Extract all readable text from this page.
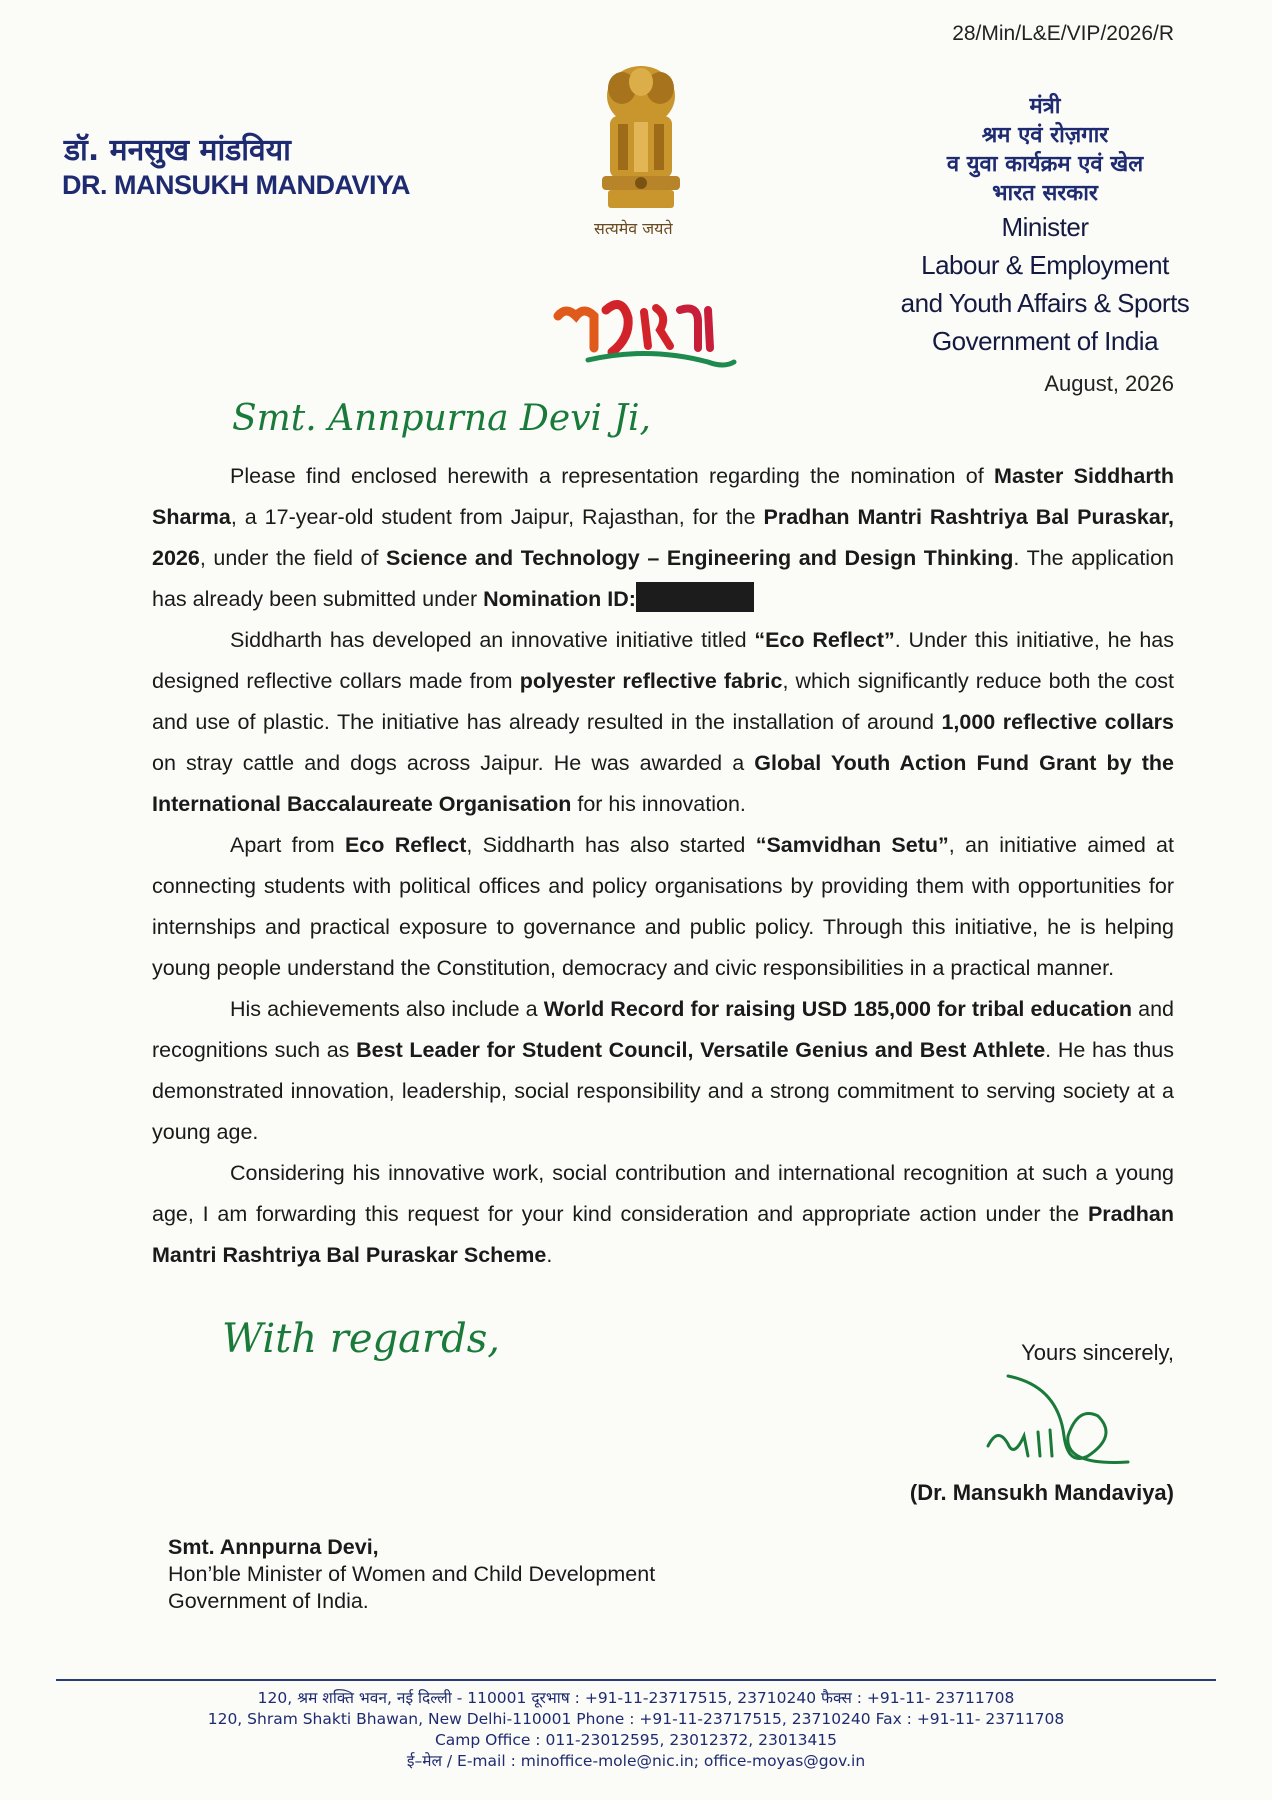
28/Min/L&E/VIP/2026/R
डॉ. मनसुख मांडविया
DR. MANSUKH MANDAVIYA
सत्यमेव जयते
मंत्री
श्रम एवं रोज़गार
व युवा कार्यक्रम एवं खेल
भारत सरकार
Minister
Labour & Employment
and Youth Affairs & Sports
Government of India
August, 2026
Smt. Annpurna Devi Ji,

Please find enclosed herewith a representation regarding the nomination of Master Siddharth Sharma, a 17-year-old student from Jaipur, Rajasthan, for the Pradhan Mantri Rashtriya Bal Puraskar, 2026, under the field of Science and Technology – Engineering and Design Thinking. The application has already been submitted under Nomination ID:

Siddharth has developed an innovative initiative titled “Eco Reflect”. Under this initiative, he has designed reflective collars made from polyester reflective fabric, which significantly reduce both the cost and use of plastic. The initiative has already resulted in the installation of around 1,000 reflective collars on stray cattle and dogs across Jaipur. He was awarded a Global Youth Action Fund Grant by the International Baccalaureate Organisation for his innovation.

Apart from Eco Reflect, Siddharth has also started “Samvidhan Setu”, an initiative aimed at connecting students with political offices and policy organisations by providing them with opportunities for internships and practical exposure to governance and public policy. Through this initiative, he is helping young people understand the Constitution, democracy and civic responsibilities in a practical manner.

His achievements also include a World Record for raising USD 185,000 for tribal education and recognitions such as Best Leader for Student Council, Versatile Genius and Best Athlete. He has thus demonstrated innovation, leadership, social responsibility and a strong commitment to serving society at a young age.

Considering his innovative work, social contribution and international recognition at such a young age, I am forwarding this request for your kind consideration and appropriate action under the Pradhan Mantri Rashtriya Bal Puraskar Scheme.

With regards,	Yours sincerely,
(Dr. Mansukh Mandaviya)
Smt. Annpurna Devi,
Hon’ble Minister of Women and Child Development
Government of India.
120, श्रम शक्ति भवन, नई दिल्ली - 110001 दूरभाष : +91-11-23717515, 23710240 फैक्स : +91-11- 23711708
120, Shram Shakti Bhawan, New Delhi-110001 Phone : +91-11-23717515, 23710240 Fax : +91-11- 23711708
Camp Office : 011-23012595, 23012372, 23013415
ई–मेल / E-mail : minoffice-mole@nic.in; office-moyas@gov.in
